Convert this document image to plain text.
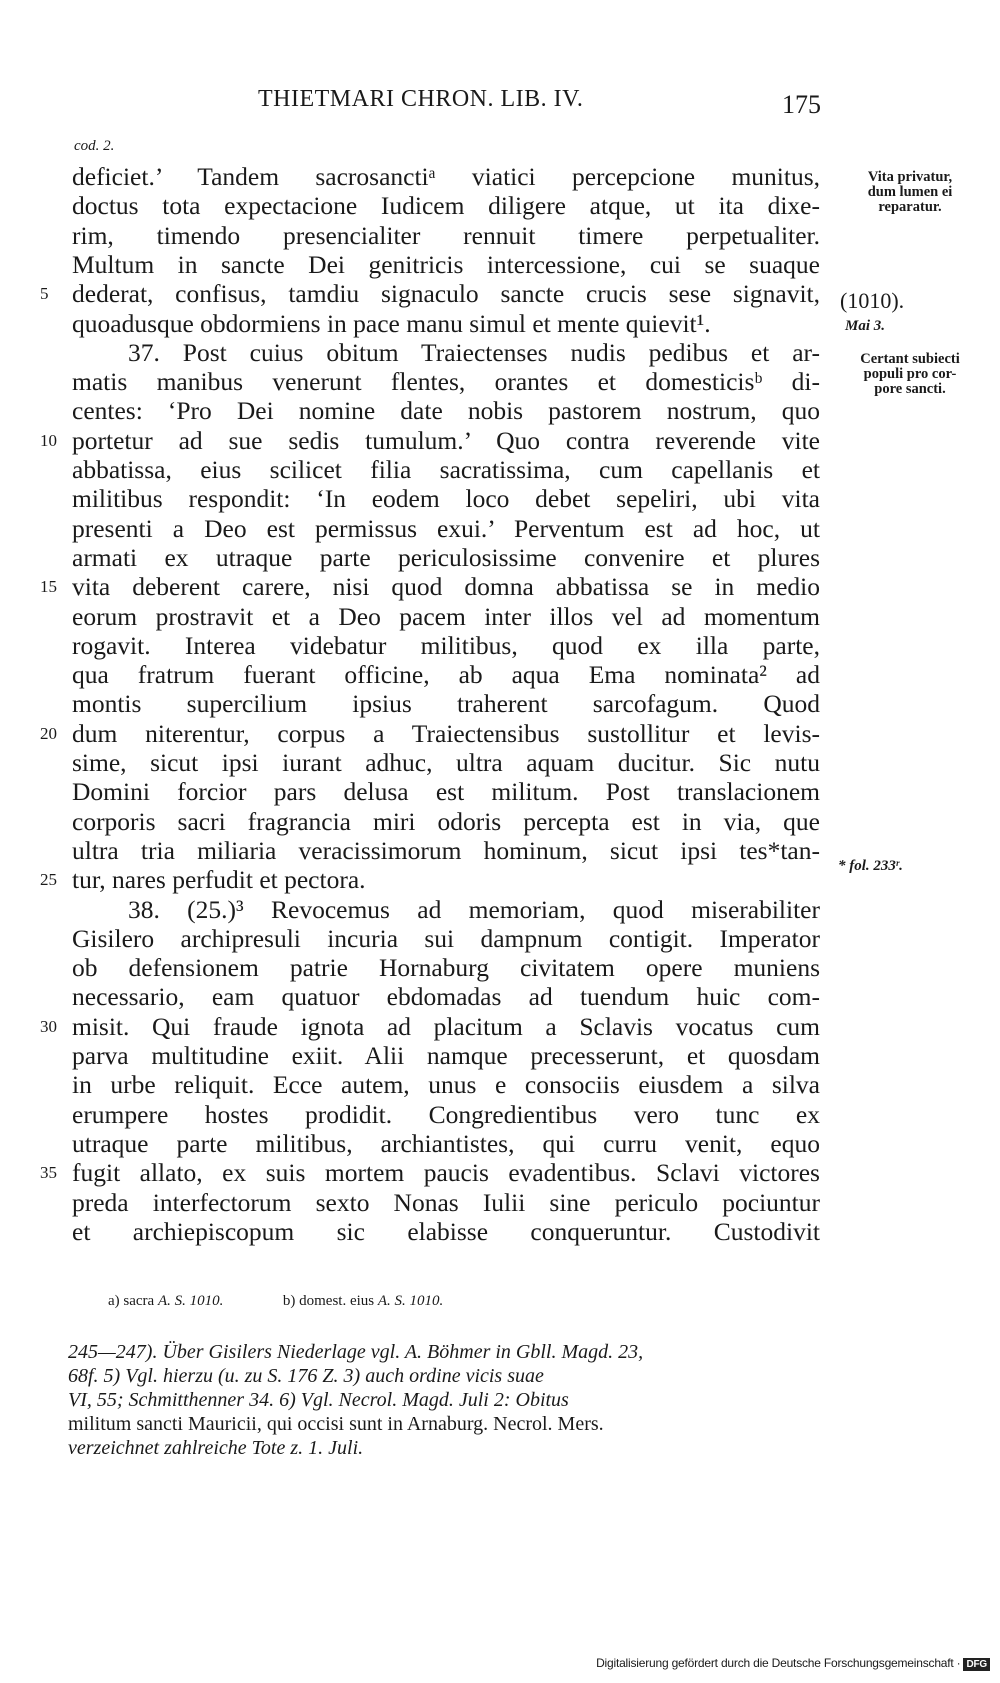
THIETMARI CHRON. LIB. IV.	175
cod. 2.
deficiet.’ Tandem sacrosanctiᵃ viatici percepcione munitus,
doctus tota expectacione Iudicem diligere atque, ut ita dixe-
rim, timendo presencialiter rennuit timere perpetualiter.
Multum in sancte Dei genitricis intercessione, cui se suaque
dederat, confisus, tamdiu signaculo sancte crucis sese signavit,
5
quoadusque obdormiens in pace manu simul et mente quievit¹.
37. Post cuius obitum Traiectenses nudis pedibus et ar-
matis manibus venerunt flentes, orantes et domesticisᵇ di-
centes: ‘Pro Dei nomine date nobis pastorem nostrum, quo
portetur ad sue sedis tumulum.’ Quo contra reverende vite
10
abbatissa, eius scilicet filia sacratissima, cum capellanis et
militibus respondit: ‘In eodem loco debet sepeliri, ubi vita
presenti a Deo est permissus exui.’ Perventum est ad hoc, ut
armati ex utraque parte periculosissime convenire et plures
vita deberent carere, nisi quod domna abbatissa se in medio
15
eorum prostravit et a Deo pacem inter illos vel ad momentum
rogavit. Interea videbatur militibus, quod ex illa parte,
qua fratrum fuerant officine, ab aqua Ema nominata² ad
montis supercilium ipsius traherent sarcofagum. Quod
dum niterentur, corpus a Traiectensibus sustollitur et levis-
20
sime, sicut ipsi iurant adhuc, ultra aquam ducitur. Sic nutu
Domini forcior pars delusa est militum. Post translacionem
corporis sacri fragrancia miri odoris percepta est in via, que
ultra tria miliaria veracissimorum hominum, sicut ipsi tes*tan-
tur, nares perfudit et pectora.
25
38. (25.)³ Revocemus ad memoriam, quod miserabiliter
Gisilero archipresuli incuria sui dampnum contigit. Imperator
ob defensionem patrie Hornaburg civitatem opere muniens
necessario, eam quatuor ebdomadas ad tuendum huic com-
misit. Qui fraude ignota ad placitum a Sclavis vocatus cum
30
parva multitudine exiit. Alii namque precesserunt, et quosdam
in urbe reliquit. Ecce autem, unus e consociis eiusdem a silva
erumpere hostes prodidit. Congredientibus vero tunc ex
utraque parte militibus, archiantistes, qui curru venit, equo
fugit allato, ex suis mortem paucis evadentibus. Sclavi victores
35
preda interfectorum sexto Nonas Iulii sine periculo pociuntur
et archiepiscopum sic elabisse conqueruntur. Custodivit
Vita privatur,
dum lumen ei
reparatur.
(1010).
Mai 3.
Certant subiecti
populi pro cor-
pore sancti.
* fol. 233ʳ.
a) sacra A. S. 1010.	b) domest. eius A. S. 1010.
245—247). Über Gisilers Niederlage vgl. A. Böhmer in Gbll. Magd. 23,
68f. 5) Vgl. hierzu (u. zu S. 176 Z. 3) auch ordine vicis suae
VI, 55; Schmitthenner 34. 6) Vgl. Necrol. Magd. Juli 2: Obitus
militum sancti Mauricii, qui occisi sunt in Arnaburg. Necrol. Mers.
verzeichnet zahlreiche Tote z. 1. Juli.
Digitalisierung gefördert durch die Deutsche Forschungsgemeinschaft · DFG
